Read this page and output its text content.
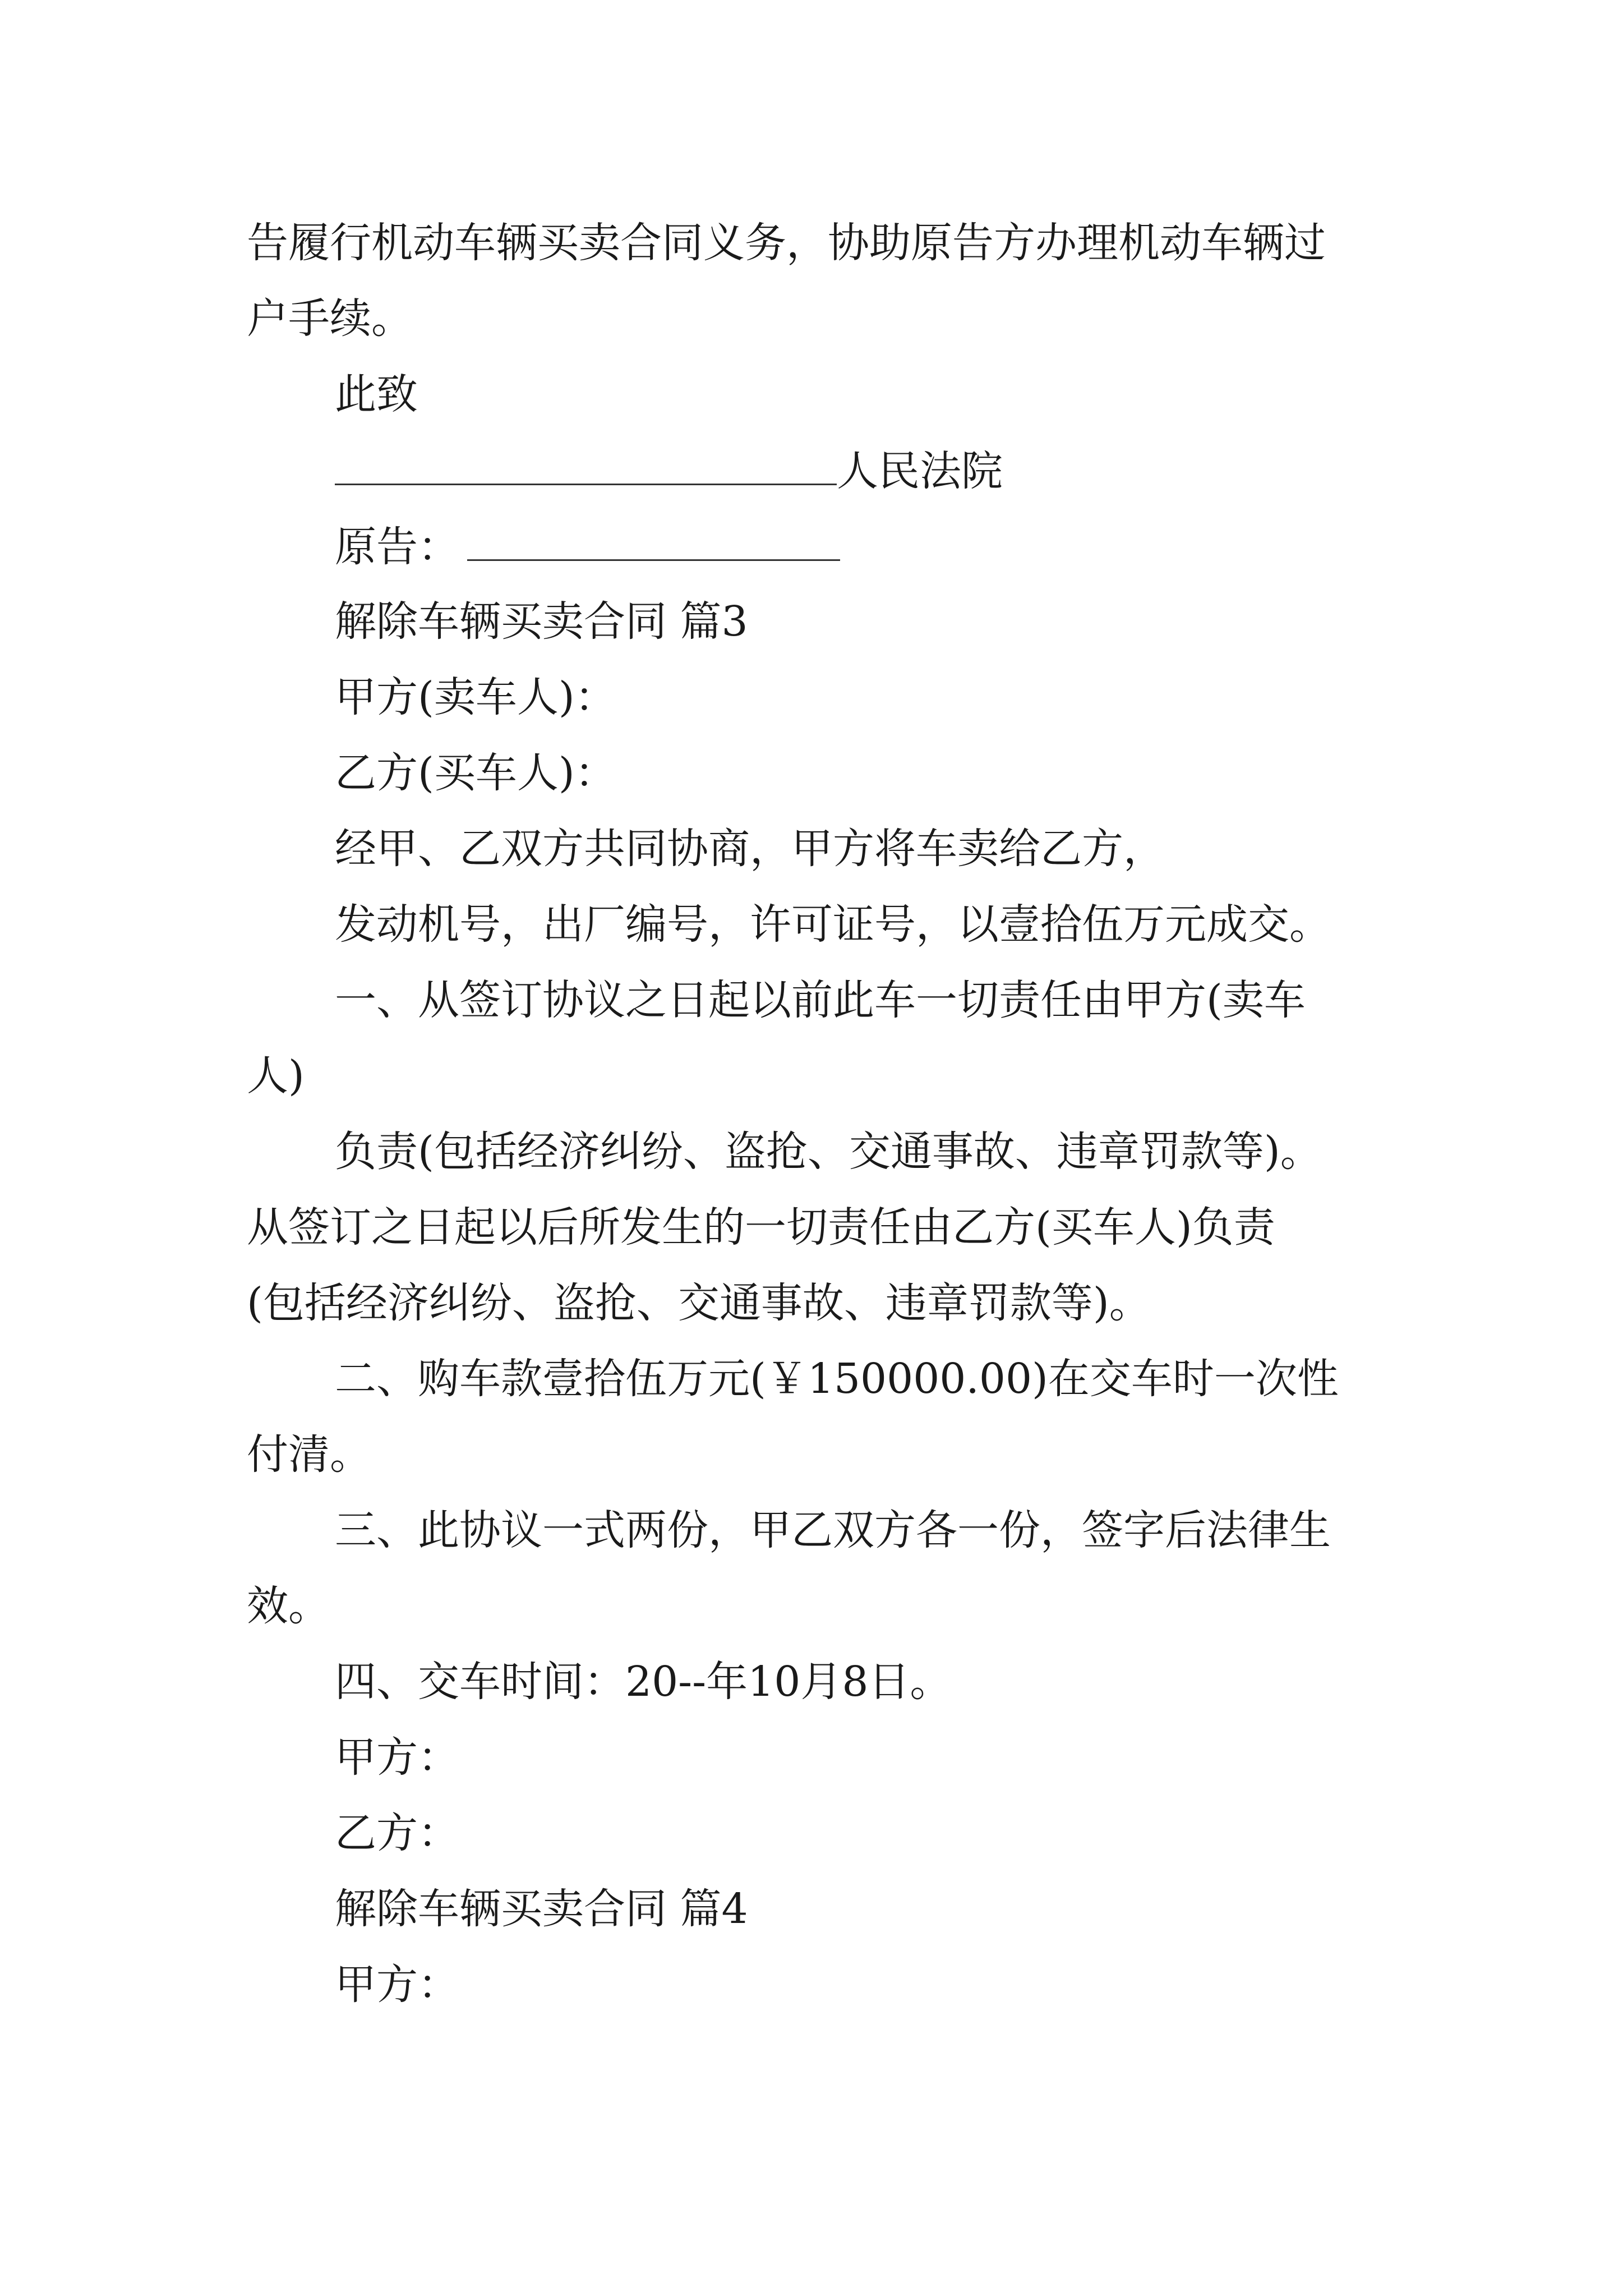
告履行机动车辆买卖合同义务，协助原告方办理机动车辆过
户手续。
此致
人民法院
原告：
解除车辆买卖合同 篇3
甲方(卖车人)：
乙方(买车人)：
经甲、乙双方共同协商，甲方将车卖给乙方，
发动机号，出厂编号，许可证号，以壹拾伍万元成交。
一、从签订协议之日起以前此车一切责任由甲方(卖车
人)
负责(包括经济纠纷、盗抢、交通事故、违章罚款等)。
从签订之日起以后所发生的一切责任由乙方(买车人)负责
(包括经济纠纷、盗抢、交通事故、违章罚款等)。
二、购车款壹拾伍万元(￥150000.00)在交车时一次性
付清。
三、此协议一式两份，甲乙双方各一份，签字后法律生
效。
四、交车时间：20--年10月8日。
甲方：
乙方：
解除车辆买卖合同 篇4
甲方：
